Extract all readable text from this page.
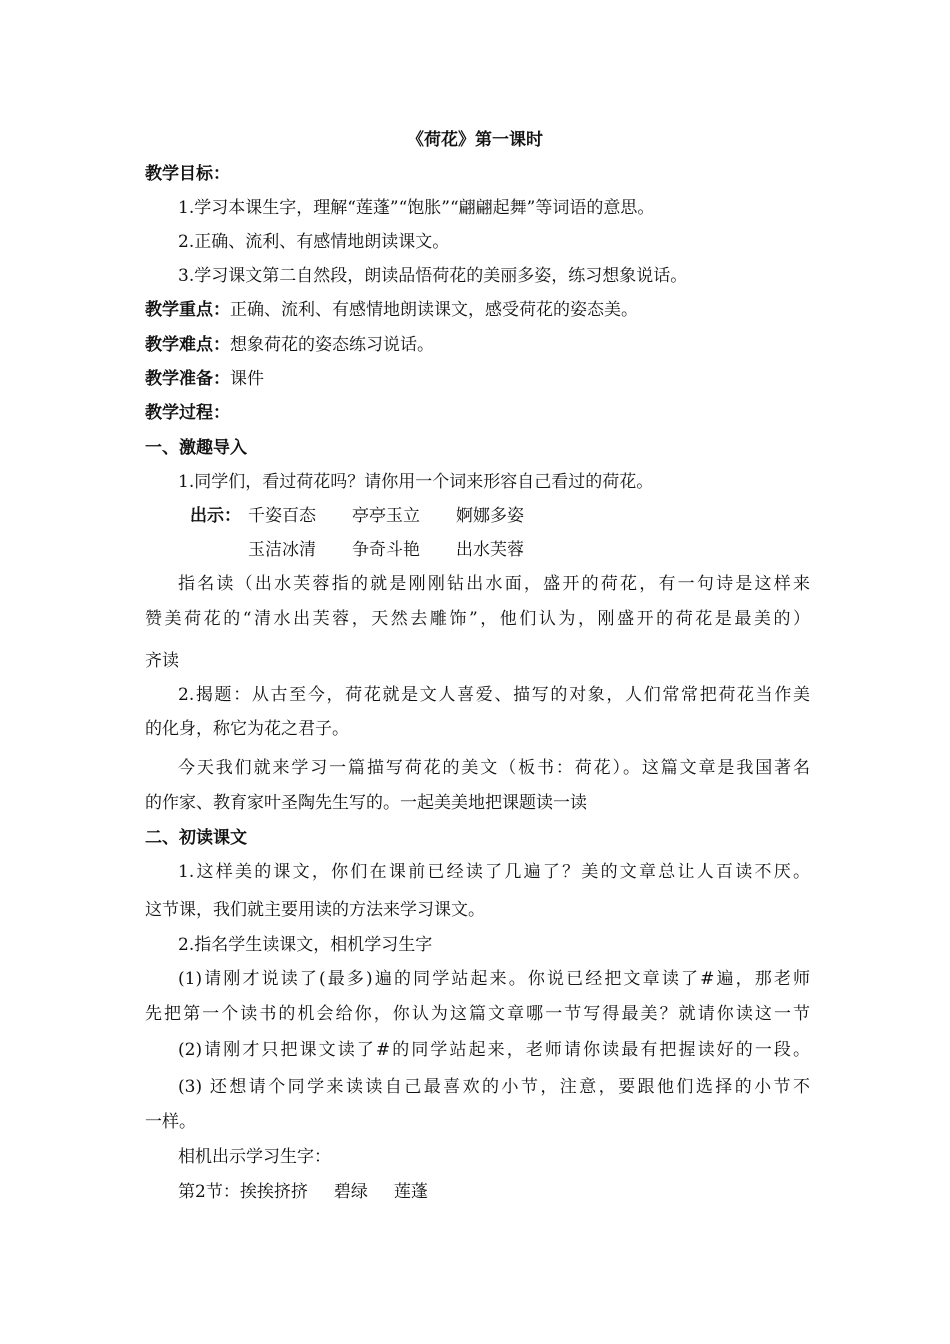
《荷花》第一课时
教学目标：
1.学习本课生字，理解“莲蓬”“饱胀”“翩翩起舞”等词语的意思。
2.正确、流利、有感情地朗读课文。
3.学习课文第二自然段，朗读品悟荷花的美丽多姿，练习想象说话。
教学重点：正确、流利、有感情地朗读课文，感受荷花的姿态美。
教学难点：想象荷花的姿态练习说话。
教学准备：课件
教学过程：
一、激趣导入
1.同学们，看过荷花吗？请你用一个词来形容自己看过的荷花。
出示： 千姿百态 亭亭玉立 婀娜多姿
玉洁冰清 争奇斗艳 出水芙蓉
指名读（出水芙蓉指的就是刚刚钻出水面，盛开的荷花，有一句诗是这样来
赞美荷花的“清水出芙蓉，天然去雕饰”，他们认为，刚盛开的荷花是最美的）
齐读
2.揭题：从古至今，荷花就是文人喜爱、描写的对象，人们常常把荷花当作美
的化身，称它为花之君子。
今天我们就来学习一篇描写荷花的美文（板书：荷花）。这篇文章是我国著名
的作家、教育家叶圣陶先生写的。一起美美地把课题读一读
二、初读课文
1.这样美的课文，你们在课前已经读了几遍了？美的文章总让人百读不厌。
这节课，我们就主要用读的方法来学习课文。
2.指名学生读课文，相机学习生字
(1)请刚才说读了(最多)遍的同学站起来。你说已经把文章读了#遍，那老师
先把第一个读书的机会给你，你认为这篇文章哪一节写得最美？就请你读这一节
(2)请刚才只把课文读了#的同学站起来，老师请你读最有把握读好的一段。
(3) 还想请个同学来读读自己最喜欢的小节，注意，要跟他们选择的小节不
一样。
相机出示学习生字：
第2节：挨挨挤挤 碧绿 莲蓬
